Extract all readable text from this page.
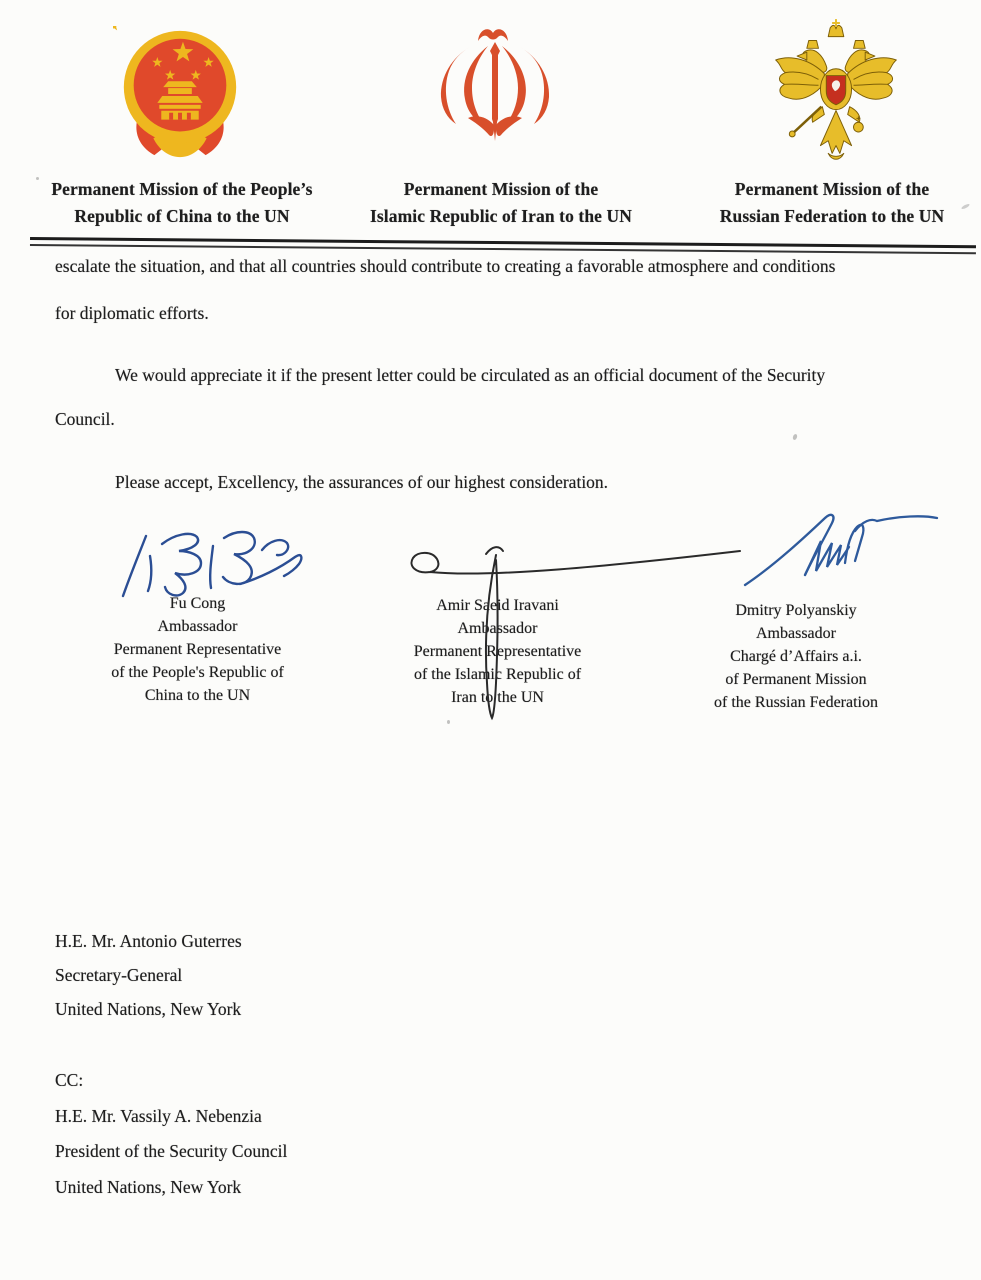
Permanent Mission of the People’s
Republic of China to the UN
Permanent Mission of the
Islamic Republic of Iran to the UN
Permanent Mission of the
Russian Federation to the UN
escalate the situation, and that all countries should contribute to creating a favorable atmosphere and conditions
for diplomatic efforts.
We would appreciate it if the present letter could be circulated as an official document of the Security
Council.
Please accept, Excellency, the assurances of our highest consideration.
Fu Cong
Ambassador
Permanent Representative
of the People's Republic of
China to the UN
Amir Saeid Iravani
Ambassador
Permanent Representative
of the Islamic Republic of
Iran to the UN
Dmitry Polyanskiy
Ambassador
Chargé d’Affairs a.i.
of Permanent Mission
of the Russian Federation
H.E. Mr. Antonio Guterres
Secretary-General
United Nations, New York
CC:
H.E. Mr. Vassily A. Nebenzia
President of the Security Council
United Nations, New York
